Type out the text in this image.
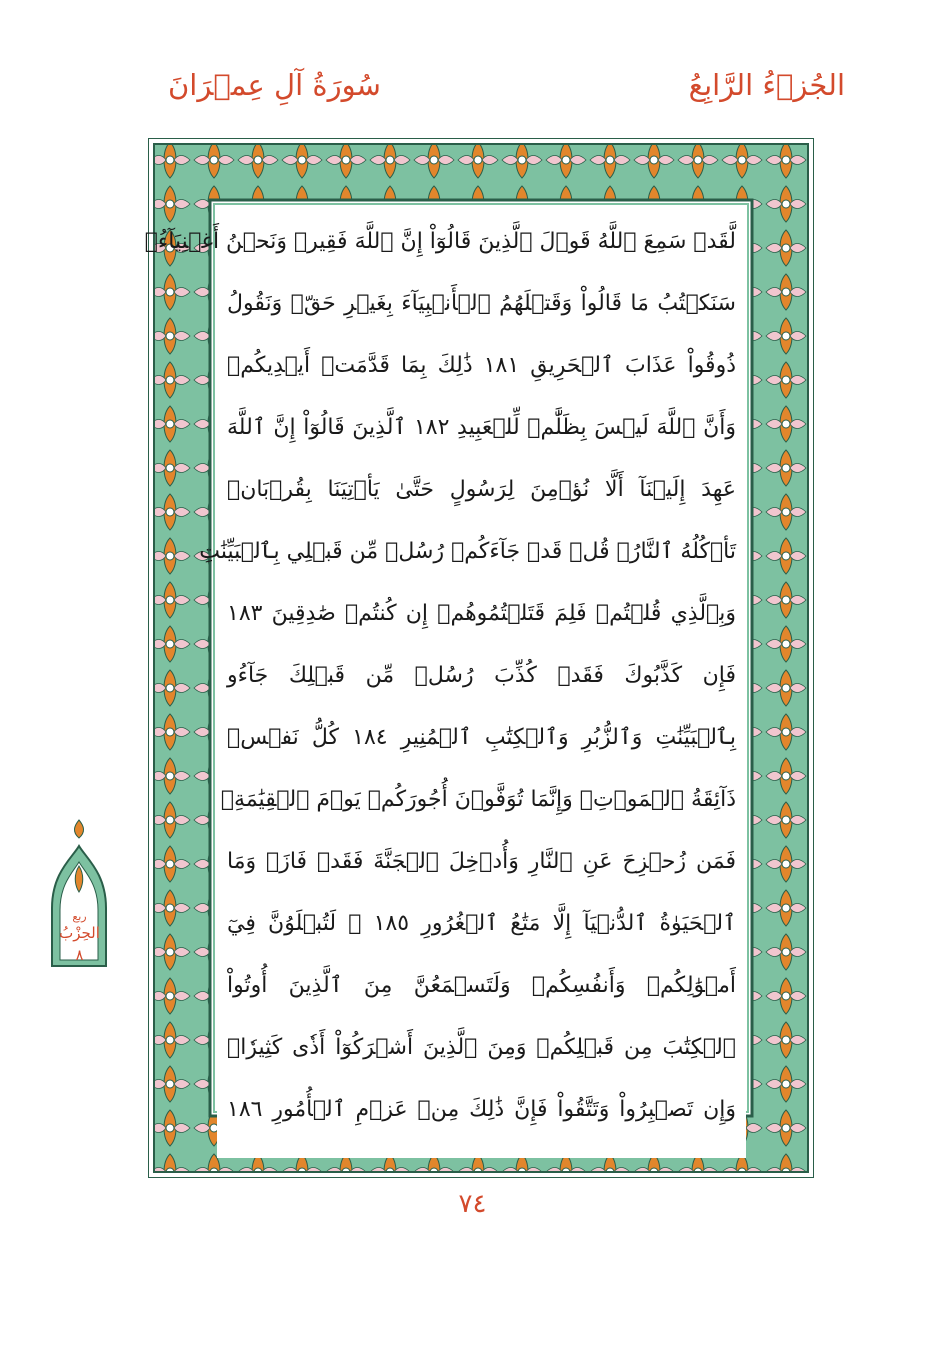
سُورَةُ آلِ عِمۡرَانَ	الجُزۡءُ الرَّابِعُ
لَّقَدۡ سَمِعَ ٱللَّهُ قَوۡلَ ٱلَّذِينَ قَالُوٓاْ إِنَّ ٱللَّهَ فَقِيرٞ وَنَحۡنُ أَغۡنِيَآءُۘ
سَنَكۡتُبُ مَا قَالُواْ وَقَتۡلَهُمُ ٱلۡأَنۢبِيَآءَ بِغَيۡرِ حَقّٖ وَنَقُولُ
ذُوقُواْ عَذَابَ ٱلۡحَرِيقِ ١٨١ ذَٰلِكَ بِمَا قَدَّمَتۡ أَيۡدِيكُمۡ
وَأَنَّ ٱللَّهَ لَيۡسَ بِظَلَّٰمٖ لِّلۡعَبِيدِ ١٨٢ ٱلَّذِينَ قَالُوٓاْ إِنَّ ٱللَّهَ
عَهِدَ إِلَيۡنَآ أَلَّا نُؤۡمِنَ لِرَسُولٍ حَتَّىٰ يَأۡتِيَنَا بِقُرۡبَانٖ
تَأۡكُلُهُ ٱلنَّارُۗ قُلۡ قَدۡ جَآءَكُمۡ رُسُلٞ مِّن قَبۡلِي بِٱلۡبَيِّنَٰتِ
وَبِٱلَّذِي قُلۡتُمۡ فَلِمَ قَتَلۡتُمُوهُمۡ إِن كُنتُمۡ صَٰدِقِينَ ١٨٣
فَإِن كَذَّبُوكَ فَقَدۡ كُذِّبَ رُسُلٞ مِّن قَبۡلِكَ جَآءُو
بِٱلۡبَيِّنَٰتِ وَٱلزُّبُرِ وَٱلۡكِتَٰبِ ٱلۡمُنِيرِ ١٨٤ كُلُّ نَفۡسٖ
ذَآئِقَةُ ٱلۡمَوۡتِۗ وَإِنَّمَا تُوَفَّوۡنَ أُجُورَكُمۡ يَوۡمَ ٱلۡقِيَٰمَةِۖ
فَمَن زُحۡزِحَ عَنِ ٱلنَّارِ وَأُدۡخِلَ ٱلۡجَنَّةَ فَقَدۡ فَازَۗ وَمَا
ٱلۡحَيَوٰةُ ٱلدُّنۡيَآ إِلَّا مَتَٰعُ ٱلۡغُرُورِ ١٨٥ ۞ لَتُبۡلَوُنَّ فِيٓ
أَمۡوَٰلِكُمۡ وَأَنفُسِكُمۡ وَلَتَسۡمَعُنَّ مِنَ ٱلَّذِينَ أُوتُواْ
ٱلۡكِتَٰبَ مِن قَبۡلِكُمۡ وَمِنَ ٱلَّذِينَ أَشۡرَكُوٓاْ أَذٗى كَثِيرٗاۚ
وَإِن تَصۡبِرُواْ وَتَتَّقُواْ فَإِنَّ ذَٰلِكَ مِنۡ عَزۡمِ ٱلۡأُمُورِ ١٨٦
ربع
الحِزْبُ
٨
٧٤
